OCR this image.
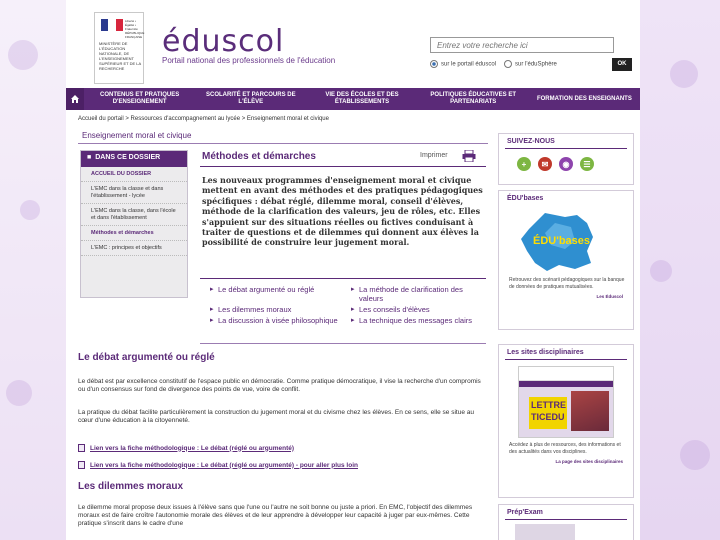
Liberté • Égalité • Fraternité RÉPUBLIQUE FRANÇAISE
MINISTÈRE DE L'ÉDUCATION NATIONALE, DE L'ENSEIGNEMENT SUPÉRIEUR ET DE LA RECHERCHE
éduscol
Portail national des professionnels de l'éducation
Entrez votre recherche ici	sur le portail éduscol	sur l'éduSphère	OK
CONTENUS ET PRATIQUES D'ENSEIGNEMENT
SCOLARITÉ ET PARCOURS DE L'ÉLÈVE
VIE DES ÉCOLES ET DES ÉTABLISSEMENTS
POLITIQUES ÉDUCATIVES ET PARTENARIATS
FORMATION DES ENSEIGNANTS
Accueil du portail > Ressources d'accompagnement au lycée > Enseignement moral et civique
Enseignement moral et civique
■ DANS CE DOSSIER
ACCUEIL DU DOSSIER
L'EMC dans la classe et dans l'établissement - lycée
L'EMC dans la classe, dans l'école et dans l'établissement
Méthodes et démarches
L'EMC : principes et objectifs
Méthodes et démarches	Imprimer
Les nouveaux programmes d'enseignement moral et civique mettent en avant des méthodes et des pratiques pédagogiques spécifiques : débat réglé, dilemme moral, conseil d'élèves, méthode de la clarification des valeurs, jeu de rôles, etc. Elles s'appuient sur des situations réelles ou fictives conduisant à traiter de questions et de dilemmes qui donnent aux élèves la possibilité de construire leur jugement moral.
▸ Le débat argumenté ou réglé	▸ La méthode de clarification des valeurs
▸ Les dilemmes moraux	▸ Les conseils d'élèves
▸ La discussion à visée philosophique	▸ La technique des messages clairs
Le débat argumenté ou réglé
Le débat est par excellence constitutif de l'espace public en démocratie. Comme pratique démocratique, il vise la recherche d'un compromis ou d'un consensus sur fond de divergence des points de vue, voire de conflit.
La pratique du débat facilite particulièrement la construction du jugement moral et du civisme chez les élèves. En ce sens, elle se situe au cœur d'une éducation à la citoyenneté.
Lien vers la fiche méthodologique : Le débat (réglé ou argumenté)
Lien vers la fiche méthodologique : Le débat (réglé ou argumenté) - pour aller plus loin
Les dilemmes moraux
Le dilemme moral propose deux issues à l'élève sans que l'une ou l'autre ne soit bonne ou juste a priori. En EMC, l'objectif des dilemmes moraux est de faire croître l'autonomie morale des élèves et de leur apprendre à développer leur capacité à juger par eux-mêmes. Cette pratique s'inscrit dans le cadre d'une
SUIVEZ-NOUS
+	✉	◉	☰
ÉDU'bases
ÉDU'bases
Retrouvez des scénarii pédagogiques sur la banque de données de pratiques mutualisées.
Les Éduscol
Les sites disciplinaires
LETTRE TICEDU
Accédez à plus de ressources, des informations et des actualités dans vos disciplines.
La page des sites disciplinaires
Prép'Exam
